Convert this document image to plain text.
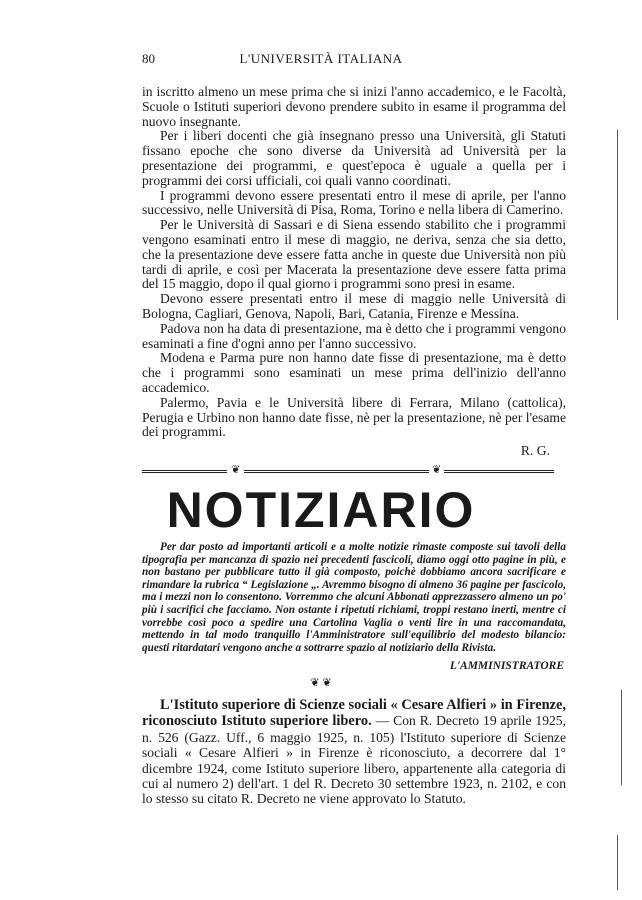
80	L'UNIVERSITÀ ITALIANA

in iscritto almeno un mese prima che si inizi l'anno accademico, e le Facoltà, Scuole o Istituti superiori devono prendere subito in esame il programma del nuovo insegnante.

Per i liberi docenti che già insegnano presso una Università, gli Statuti fissano epoche che sono diverse da Università ad Università per la presentazione dei programmi, e quest'epoca è uguale a quella per i programmi dei corsi ufficiali, coi quali vanno coordinati.

I programmi devono essere presentati entro il mese di aprile, per l'anno successivo, nelle Università di Pisa, Roma, Torino e nella libera di Camerino.

Per le Università di Sassari e di Siena essendo stabilito che i programmi vengono esaminati entro il mese di maggio, ne deriva, senza che sia detto, che la presentazione deve essere fatta anche in queste due Università non più tardi di aprile, e così per Macerata la presentazione deve essere fatta prima del 15 maggio, dopo il qual giorno i programmi sono presi in esame.

Devono essere presentati entro il mese di maggio nelle Università di Bologna, Cagliari, Genova, Napoli, Bari, Catania, Firenze e Messina.

Padova non ha data di presentazione, ma è detto che i programmi vengono esaminati a fine d'ogni anno per l'anno successivo.

Modena e Parma pure non hanno date fisse di presentazione, ma è detto che i programmi sono esaminati un mese prima dell'inizio dell'anno accademico.

Palermo, Pavia e le Università libere di Ferrara, Milano (cattolica), Perugia e Urbino non hanno date fisse, nè per la presentazione, nè per l'esame dei programmi.

R. G.
❦	❦
NOTIZIARIO

Per dar posto ad importanti articoli e a molte notizie rimaste composte sui tavoli della tipografia per mancanza di spazio nei precedenti fascicoli, diamo oggi otto pagine in più, e non bastano per pubblicare tutto il già composto, poichè dobbiamo ancora sacrificare e rimandare la rubrica “ Legislazione „. Avremmo bisogno di almeno 36 pagine per fascicolo, ma i mezzi non lo consentono. Vorremmo che alcuni Abbonati apprezzassero almeno un po' più i sacrifici che facciamo. Non ostante i ripetuti richiami, troppi restano inerti, mentre ci vorrebbe così poco a spedire una Cartolina Vaglia o venti lire in una raccomandata, mettendo in tal modo tranquillo l'Amministratore sull'equilibrio del modesto bilancio: questi ritardatari vengono anche a sottrarre spazio al notiziario della Rivista.

L'AMMINISTRATORE
❦ ❦

L'Istituto superiore di Scienze sociali « Cesare Alfieri » in Firenze, riconosciuto Istituto superiore libero. — Con R. Decreto 19 aprile 1925, n. 526 (Gazz. Uff., 6 maggio 1925, n. 105) l'Istituto superiore di Scienze sociali « Cesare Alfieri » in Firenze è riconosciuto, a decorrere dal 1° dicembre 1924, come Istituto superiore libero, appartenente alla categoria di cui al numero 2) dell'art. 1 del R. Decreto 30 settembre 1923, n. 2102, e con lo stesso su citato R. Decreto ne viene approvato lo Statuto.
